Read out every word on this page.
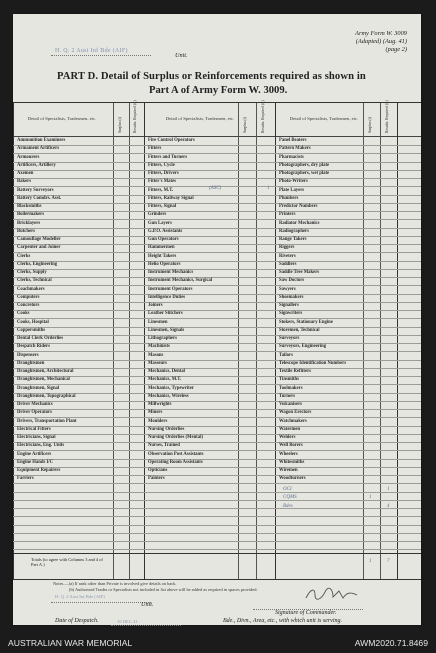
Army Form W. 3009
(Adapted) (Aug. 41)
(page 2)
H. Q. 2 Aust Inf Bde (AIF)
Unit.
PART D. Detail of Surplus or Reinforcements required as shown in
Part A of Army Form W. 3009.
Detail of Specialists, Tradesmen, etc.	Detail of Specialists, Tradesmen, etc.	Detail of Specialists, Tradesmen, etc.
Surplus (i)	Results. Required (ii)	Surplus (i)	Results. Required (ii)	Surplus (i)	Results. Required (ii)
Ammunition Examiners	Fire Control Operators	Panel Beaters
Armament Artificers	Fitters	Pattern Makers
Armourers	Fitters and Turners	Pharmacists
Artificers, Artillery	Fitters, Cycle	Photographers, dry plate
Axemen	Fitters, Drivers	Photographers, wet plate
Bakers	Fitter's Mates	Photo-Writers
Battery Surveyors	Fitters, M.T.	Plate Layers
Battery Comdrs. Asst.	Fitters, Railway Signal	Plumbers
Blacksmiths	Fitters, Signal	Predictor Numbers
Boilermakers	Grinders	Printers
Bricklayers	Gun Layers	Radiator Mechanics
Butchers	G.P.O. Assistants	Radiographers
Camouflage Modeller	Gun Operators	Range Takers
Carpenter and Joiner	Hammermen	Riggers
Clerks	Height Takers	Riveters
Clerks, Engineering	Helio Operators	Saddlers
Clerks, Supply	Instrument Mechanics	Saddle Tree Makers
Clerks, Technical	Instrument Mechanics, Surgical	Saw Doctors
Coachmakers	Instrument Operators	Sawyers
Computers	Intelligence Duties	Shoemakers
Concretors	Joiners	Signallers
Cooks	Leather Stitchers	Signwriters
Cooks, Hospital	Linesmen	Stokers, Stationary Engine
Coppersmiths	Linesmen, Signals	Storemen, Technical
Dental Clerk Orderlies	Lithographers	Surveyors
Despatch Riders	Machinists	Surveyors, Engineering
Dispensers	Masons	Tailors
Draughtsmen	Masseurs	Telescope Identification Numbers
Draughtsmen, Architectural	Mechanics, Dental	Textile Refitters
Draughtsmen, Mechanical	Mechanics, M.T.	Tinsmiths
Draughtsmen, Signal	Mechanics, Typewriter	Toolmakers
Draughtsmen, Topographical	Mechanics, Wireless	Turners
Driver Mechanics	Millwrights	Vulcanisers
Driver Operators	Miners	Wagon Erectors
Drivers, Transportation Plant	Moulders	Watchmakers
Electrical Fitters	Nursing Orderlies	Watermen
Electricians, Signal	Nursing Orderlies (Mental)	Welders
Electricians, Eng. Units	Nurses, Trained	Well Borers
Engine Artificers	Observation Post Assistants	Wheelers
Engine Hands I/C	Operating Room Assistants	Whitesmiths
Equipment Repairers	Opticians	Wiremen
Farriers	Painters	Woodturners
(ASC)	1
OCI	1
CQMS	1
Bdes	4
Totals (to agree with Columns 3 and 4 of Part A.)
1	7
Notes.—(a) If rank other than Private is involved give details on back.
(b) Authorised Trades or Specialists not included in list above will be added as required in spaces provided.
H. Q. 2 Aust Inf Bde (AIF)
Unit.
Signature of Commander.
Date of Despatch.	19 DEC 41	Bde., Divn., Area, etc., with which unit is serving.
AUSTRALIAN WAR MEMORIAL	AWM2020.71.8469
